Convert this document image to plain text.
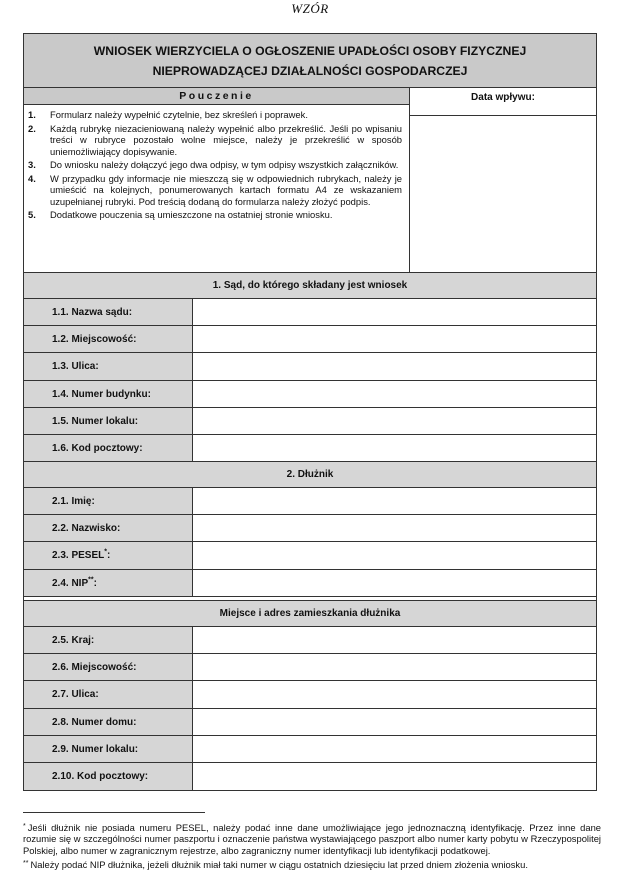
WZÓR
WNIOSEK WIERZYCIELA O OGŁOSZENIE UPADŁOŚCI OSOBY FIZYCZNEJ
NIEPROWADZĄCEJ DZIAŁALNOŚCI GOSPODARCZEJ
Pouczenie
1.	Formularz należy wypełnić czytelnie, bez skreśleń i poprawek.
2.	Każdą rubrykę niezacieniowaną należy wypełnić albo przekreślić. Jeśli po wpisaniu treści w rubryce pozostało wolne miejsce, należy je przekreślić w sposób uniemożliwiający dopisywanie.
3.	Do wniosku należy dołączyć jego dwa odpisy, w tym odpisy wszystkich załączników.
4.	W przypadku gdy informacje nie mieszczą się w odpowiednich rubrykach, należy je umieścić na kolejnych, ponumerowanych kartach formatu A4 ze wskazaniem uzupełnianej rubryki. Pod treścią dodaną do formularza należy złożyć podpis.
5.	Dodatkowe pouczenia są umieszczone na ostatniej stronie wniosku.
Data wpływu:
1. Sąd, do którego składany jest wniosek
1.1. Nazwa sądu:
1.2. Miejscowość:
1.3. Ulica:
1.4. Numer budynku:
1.5. Numer lokalu:
1.6. Kod pocztowy:
2. Dłużnik
2.1. Imię:
2.2. Nazwisko:
2.3. PESEL*:
2.4. NIP**:
Miejsce i adres zamieszkania dłużnika
2.5. Kraj:
2.6. Miejscowość:
2.7. Ulica:
2.8. Numer domu:
2.9. Numer lokalu:
2.10. Kod pocztowy:
* Jeśli dłużnik nie posiada numeru PESEL, należy podać inne dane umożliwiające jego jednoznaczną identyfikację. Przez inne dane rozumie się w szczególności numer paszportu i oznaczenie państwa wystawiającego paszport albo numer karty pobytu w Rzeczypospolitej Polskiej, albo numer w zagranicznym rejestrze, albo zagraniczny numer identyfikacji lub identyfikacji podatkowej.
** Należy podać NIP dłużnika, jeżeli dłużnik miał taki numer w ciągu ostatnich dziesięciu lat przed dniem złożenia wniosku.
